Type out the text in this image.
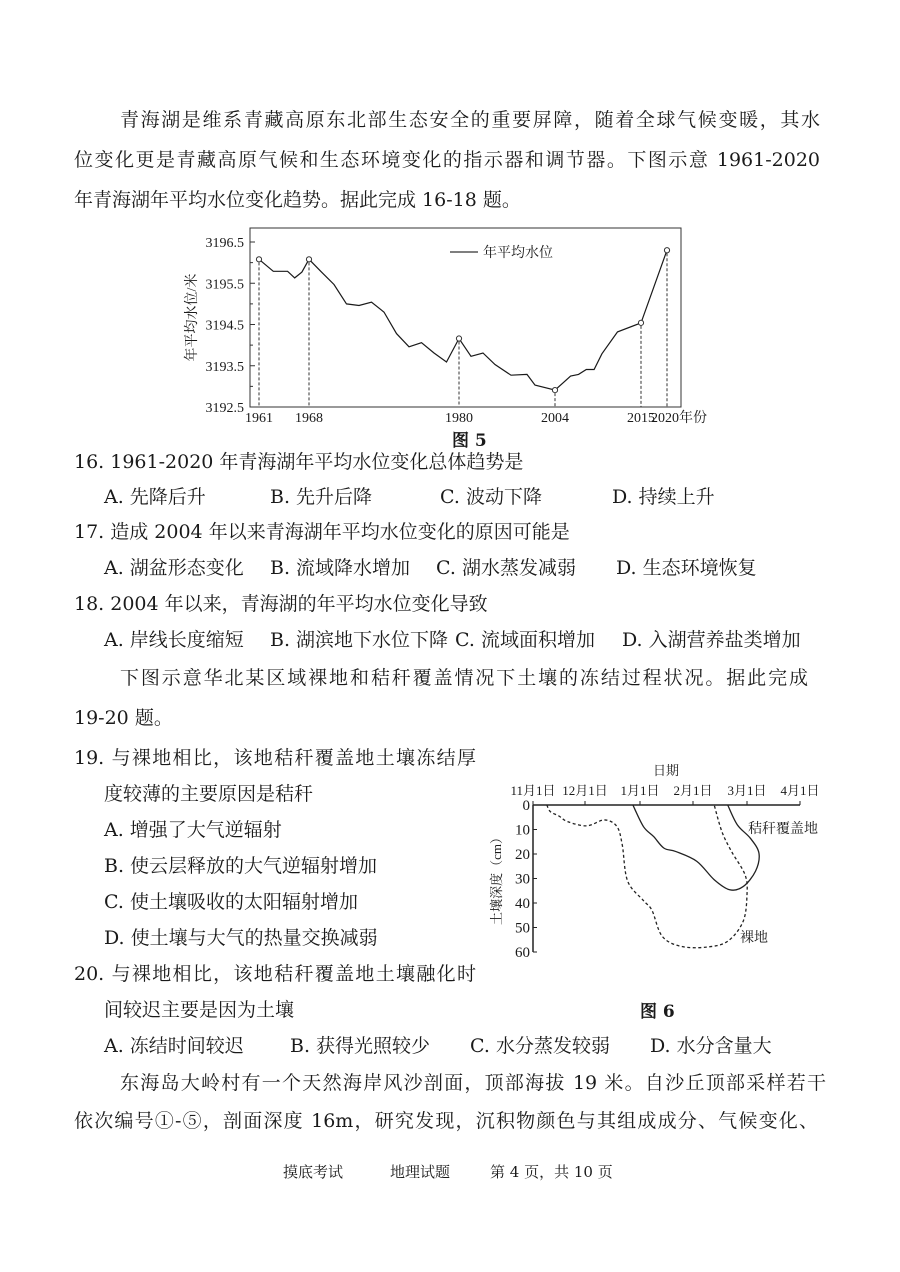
青海湖是维系青藏高原东北部生态安全的重要屏障，随着全球气候变暖，其水
位变化更是青藏高原气候和生态环境变化的指示器和调节器。下图示意 1961-2020
年青海湖年平均水位变化趋势。据此完成 16-18 题。
3192.5
3193.5
3194.5
3195.5
3196.5
1961 1968	1980	2004	2015
2020年份
年平均水位/米
年平均水位
图 5
16. 1961-2020 年青海湖年平均水位变化总体趋势是
A. 先降后升	B. 先升后降	C. 波动下降	D. 持续上升
17. 造成 2004 年以来青海湖年平均水位变化的原因可能是
A. 湖盆形态变化 B. 流域降水增加 C. 湖水蒸发减弱 D. 生态环境恢复
18. 2004 年以来，青海湖的年平均水位变化导致
A. 岸线长度缩短 B. 湖滨地下水位下降 C. 流域面积增加 D. 入湖营养盐类增加
下图示意华北某区域裸地和秸秆覆盖情况下土壤的冻结过程状况。据此完成
19-20 题。
19. 与裸地相比，该地秸秆覆盖地土壤冻结厚
度较薄的主要原因是秸秆
A. 增强了大气逆辐射
B. 使云层释放的大气逆辐射增加
C. 使土壤吸收的太阳辐射增加
D. 使土壤与大气的热量交换减弱
11月1日 12月1日 1月1日 2月1日 3月1日 4月1日
日期
0
10
20
30
40
50
60
土壤深度（cm）
秸秆覆盖地
裸地
图 6
20. 与裸地相比，该地秸秆覆盖地土壤融化时
间较迟主要是因为土壤
A. 冻结时间较迟 B. 获得光照较少 C. 水分蒸发较弱 D. 水分含量大
东海岛大岭村有一个天然海岸风沙剖面，顶部海拔 19 米。自沙丘顶部采样若干
依次编号①-⑤，剖面深度 16m，研究发现，沉积物颜色与其组成成分、气候变化、
摸底考试	地理试题	第 4 页，共 10 页
